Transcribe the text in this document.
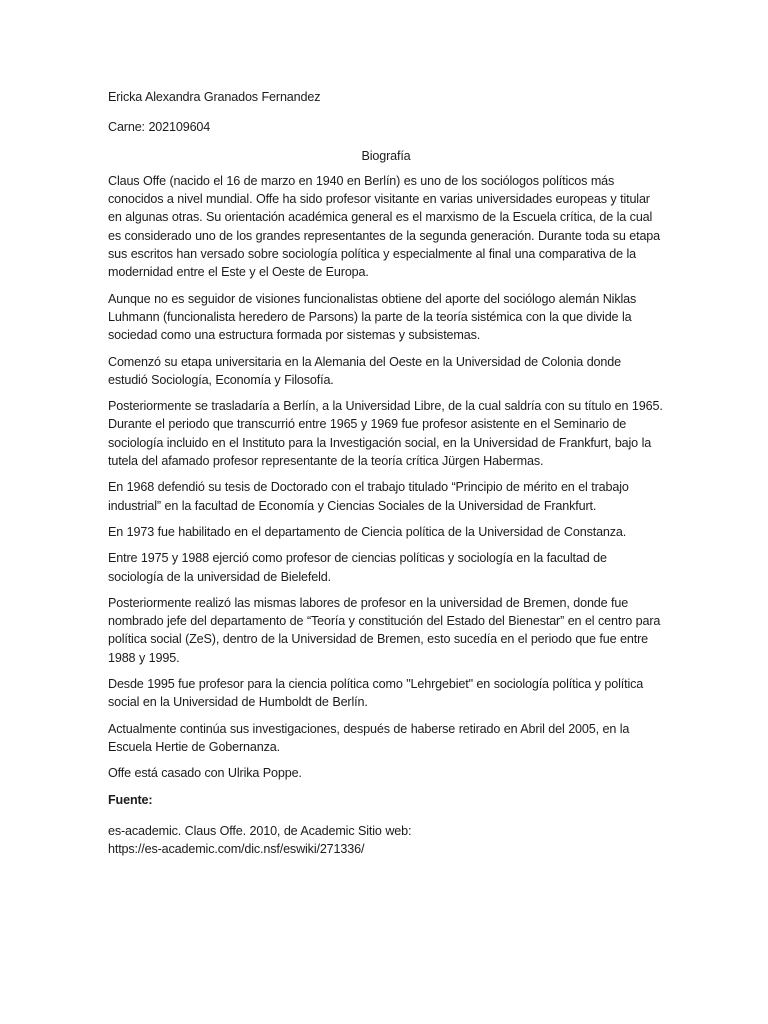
Ericka Alexandra Granados Fernandez

Carne: 202109604

Biografía

Claus Offe (nacido el 16 de marzo en 1940 en Berlín) es uno de los sociólogos políticos más conocidos a nivel mundial. Offe ha sido profesor visitante en varias universidades europeas y titular en algunas otras. Su orientación académica general es el marxismo de la Escuela crítica, de la cual es considerado uno de los grandes representantes de la segunda generación. Durante toda su etapa sus escritos han versado sobre sociología política y especialmente al final una comparativa de la modernidad entre el Este y el Oeste de Europa.

Aunque no es seguidor de visiones funcionalistas obtiene del aporte del sociólogo alemán Niklas Luhmann (funcionalista heredero de Parsons) la parte de la teoría sistémica con la que divide la sociedad como una estructura formada por sistemas y subsistemas.

Comenzó su etapa universitaria en la Alemania del Oeste en la Universidad de Colonia donde estudió Sociología, Economía y Filosofía.

Posteriormente se trasladaría a Berlín, a la Universidad Libre, de la cual saldría con su título en 1965. Durante el periodo que transcurrió entre 1965 y 1969 fue profesor asistente en el Seminario de sociología incluido en el Instituto para la Investigación social, en la Universidad de Frankfurt, bajo la tutela del afamado profesor representante de la teoría crítica Jürgen Habermas.

En 1968 defendió su tesis de Doctorado con el trabajo titulado “Principio de mérito en el trabajo industrial” en la facultad de Economía y Ciencias Sociales de la Universidad de Frankfurt.

En 1973 fue habilitado en el departamento de Ciencia política de la Universidad de Constanza.

Entre 1975 y 1988 ejerció como profesor de ciencias políticas y sociología en la facultad de sociología de la universidad de Bielefeld.

Posteriormente realizó las mismas labores de profesor en la universidad de Bremen, donde fue nombrado jefe del departamento de “Teoría y constitución del Estado del Bienestar” en el centro para política social (ZeS), dentro de la Universidad de Bremen, esto sucedía en el periodo que fue entre 1988 y 1995.

Desde 1995 fue profesor para la ciencia política como "Lehrgebiet" en sociología política y política social en la Universidad de Humboldt de Berlín.

Actualmente continúa sus investigaciones, después de haberse retirado en Abril del 2005, en la Escuela Hertie de Gobernanza.

Offe está casado con Ulrika Poppe.

Fuente:

es-academic. Claus Offe. 2010, de Academic Sitio web:
https://es-academic.com/dic.nsf/eswiki/271336/
